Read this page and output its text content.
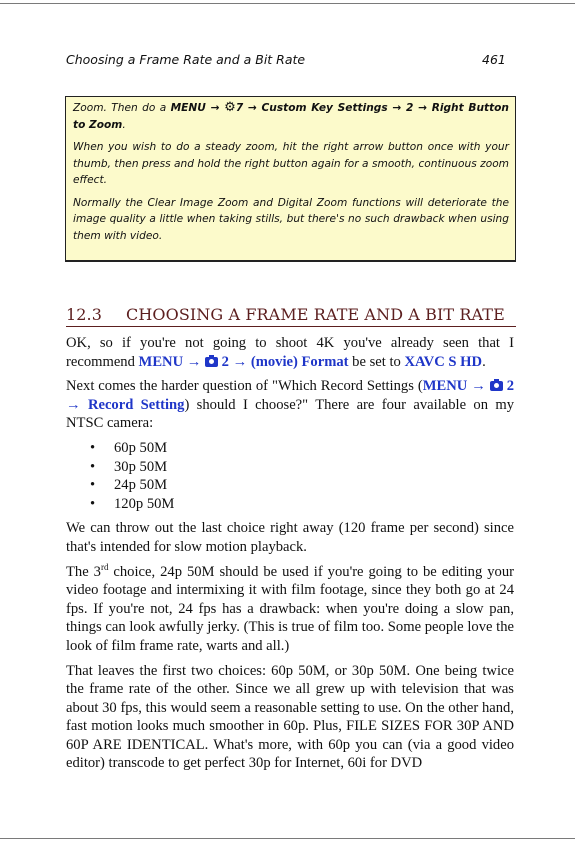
Choosing a Frame Rate and a Bit Rate	461

Zoom. Then do a MENU → ⚙7 → Custom Key Settings → 2 → Right Button to Zoom.

When you wish to do a steady zoom, hit the right arrow button once with your thumb, then press and hold the right button again for a smooth, continuous zoom effect.

Normally the Clear Image Zoom and Digital Zoom functions will deteriorate the image quality a little when taking stills, but there's no such drawback when using them with video.

12.3 CHOOSING A FRAME RATE AND A BIT RATE

OK, so if you're not going to shoot 4K you've already seen that I recommend MENU →  2 → (movie) Format be set to XAVC S HD.

Next comes the harder question of "Which Record Settings (MENU →  2 → Record Setting) should I choose?" There are four available on my NTSC camera:

• 60p 50M
• 30p 50M
• 24p 50M
• 120p 50M

We can throw out the last choice right away (120 frame per second) since that's intended for slow motion playback.

The 3rd choice, 24p 50M should be used if you're going to be editing your video footage and intermixing it with film footage, since they both go at 24 fps. If you're not, 24 fps has a drawback: when you're doing a slow pan, things can look awfully jerky. (This is true of film too. Some people love the look of film frame rate, warts and all.)

That leaves the first two choices: 60p 50M, or 30p 50M. One being twice the frame rate of the other. Since we all grew up with television that was about 30 fps, this would seem a reasonable setting to use. On the other hand, fast motion looks much smoother in 60p. Plus, FILE SIZES FOR 30P AND 60P ARE IDENTICAL. What's more, with 60p you can (via a good video editor) transcode to get perfect 30p for Internet, 60i for DVD
